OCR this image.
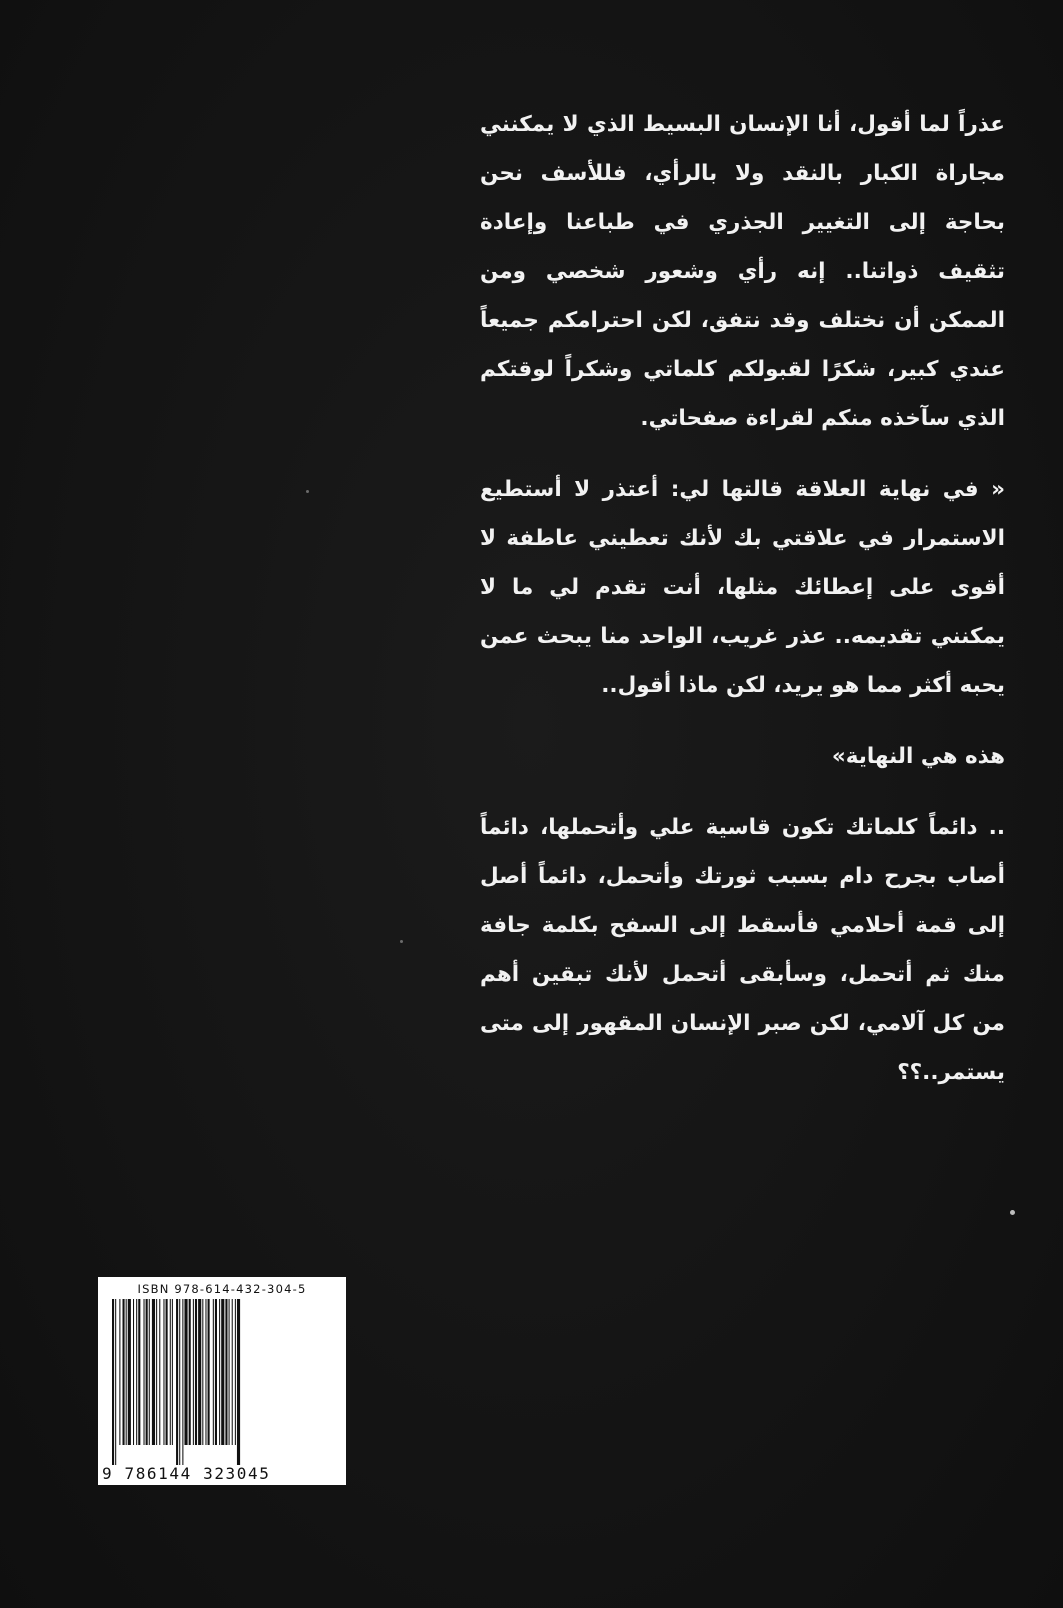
عذراً لما أقول، أنا الإنسان البسيط الذي لا يمكنني مجاراة الكبار بالنقد ولا بالرأي، فللأسف نحن بحاجة إلى التغيير الجذري في طباعنا وإعادة تثقيف ذواتنا.. إنه رأي وشعور شخصي ومن الممكن أن نختلف وقد نتفق، لكن احترامكم جميعاً عندي كبير، شكرًا لقبولكم كلماتي وشكراً لوقتكم الذي سآخذه منكم لقراءة صفحاتي.

« في نهاية العلاقة قالتها لي: أعتذر لا أستطيع الاستمرار في علاقتي بك لأنك تعطيني عاطفة لا أقوى على إعطائك مثلها، أنت تقدم لي ما لا يمكنني تقديمه.. عذر غريب، الواحد منا يبحث عمن يحبه أكثر مما هو يريد، لكن ماذا أقول..

هذه هي النهاية»

.. دائماً كلماتك تكون قاسية علي وأتحملها، دائماً أصاب بجرح دام بسبب ثورتك وأتحمل، دائماً أصل إلى قمة أحلامي فأسقط إلى السفح بكلمة جافة منك ثم أتحمل، وسأبقى أتحمل لأنك تبقين أهم من كل آلامي، لكن صبر الإنسان المقهور إلى متى يستمر..؟؟

ISBN 978-614-432-304-5
9 786144 323045
